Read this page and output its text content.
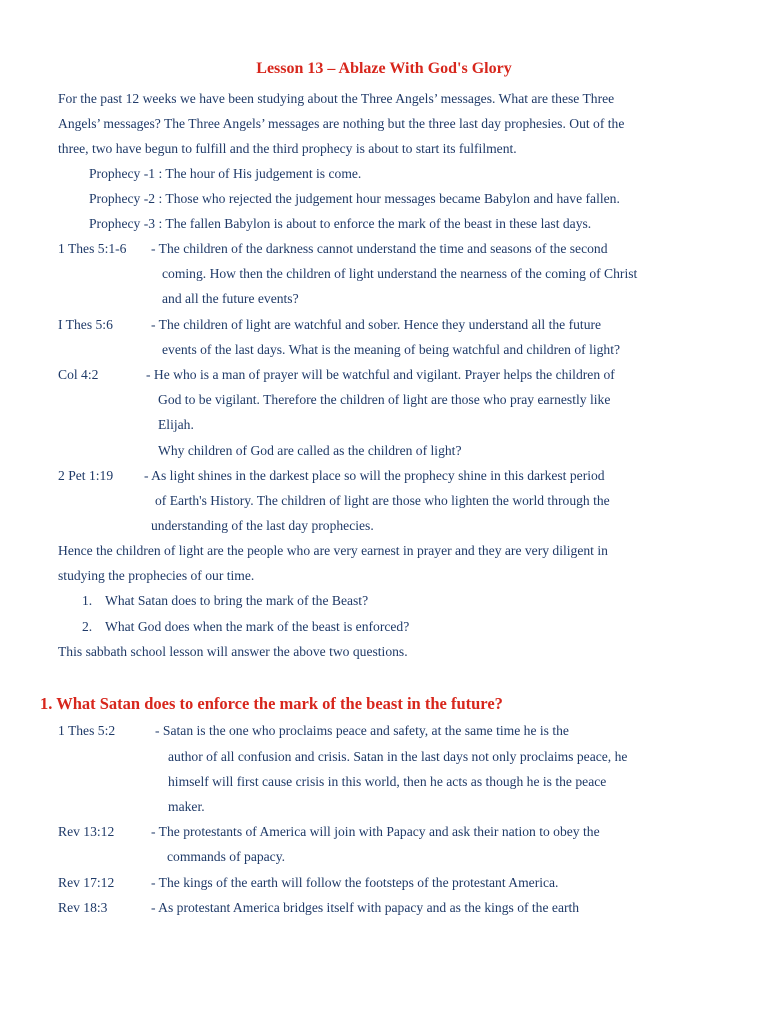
Lesson 13 – Ablaze With God's Glory
For the past 12 weeks we have been studying about the Three Angels’ messages. What are these Three
Angels’ messages? The Three Angels’ messages are nothing but the three last day prophesies. Out of the
three, two have begun to fulfill and the third prophecy is about to start its fulfilment.
Prophecy -1 : The hour of His judgement is come.
Prophecy -2 : Those who rejected the judgement hour messages became Babylon and have fallen.
Prophecy -3 : The fallen Babylon is about to enforce the mark of the beast in these last days.
1 Thes 5:1-6 - The children of the darkness cannot understand the time and seasons of the second
coming. How then the children of light understand the nearness of the coming of Christ
and all the future events?
I Thes 5:6	- The children of light are watchful and sober. Hence they understand all the future
events of the last days. What is the meaning of being watchful and children of light?
Col 4:2	- He who is a man of prayer will be watchful and vigilant. Prayer helps the children of
God to be vigilant. Therefore the children of light are those who pray earnestly like
Elijah.
Why children of God are called as the children of light?
2 Pet 1:19 - As light shines in the darkest place so will the prophecy shine in this darkest period
of Earth's History. The children of light are those who lighten the world through the
understanding of the last day prophecies.
Hence the children of light are the people who are very earnest in prayer and they are very diligent in
studying the prophecies of our time.
1. What Satan does to bring the mark of the Beast?
2. What God does when the mark of the beast is enforced?
This sabbath school lesson will answer the above two questions.
1. What Satan does to enforce the mark of the beast in the future?
1 Thes 5:2	- Satan is the one who proclaims peace and safety, at the same time he is the
author of all confusion and crisis. Satan in the last days not only proclaims peace, he
himself will first cause crisis in this world, then he acts as though he is the peace
maker.
Rev 13:12	- The protestants of America will join with Papacy and ask their nation to obey the
commands of papacy.
Rev 17:12	- The kings of the earth will follow the footsteps of the protestant America.
Rev 18:3	- As protestant America bridges itself with papacy and as the kings of the earth
